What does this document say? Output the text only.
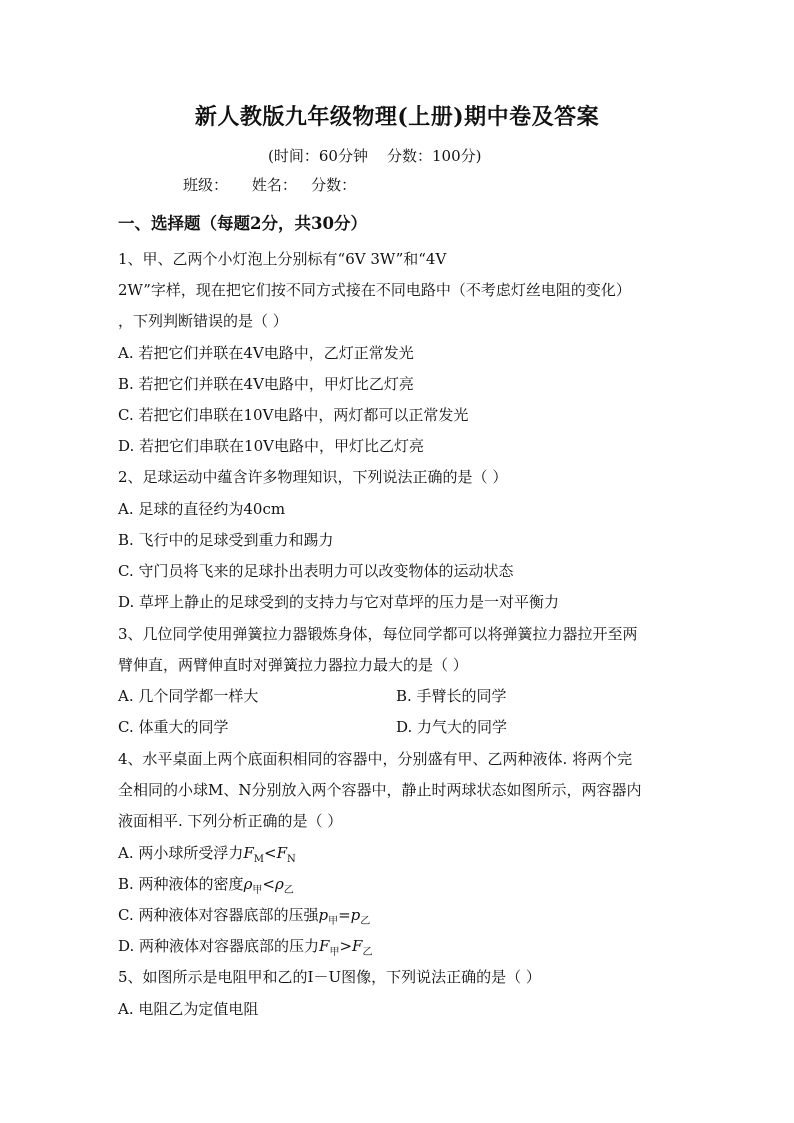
新人教版九年级物理(上册)期中卷及答案
(时间：60分钟    分数：100分)
班级：     姓名：   分数：
一、选择题（每题2分，共30分）
1、甲、乙两个小灯泡上分别标有“6V 3W”和“4V
2W”字样，现在把它们按不同方式接在不同电路中（不考虑灯丝电阻的变化）
，下列判断错误的是（ ）
A. 若把它们并联在4V电路中，乙灯正常发光
B. 若把它们并联在4V电路中，甲灯比乙灯亮
C. 若把它们串联在10V电路中，两灯都可以正常发光
D. 若把它们串联在10V电路中，甲灯比乙灯亮
2、足球运动中蕴含许多物理知识，下列说法正确的是（ ）
A. 足球的直径约为40cm
B. 飞行中的足球受到重力和踢力
C. 守门员将飞来的足球扑出表明力可以改变物体的运动状态
D. 草坪上静止的足球受到的支持力与它对草坪的压力是一对平衡力
3、几位同学使用弹簧拉力器锻炼身体，每位同学都可以将弹簧拉力器拉开至两
臂伸直，两臂伸直时对弹簧拉力器拉力最大的是（ ）
A. 几个同学都一样大	B. 手臂长的同学
C. 体重大的同学	D. 力气大的同学
4、水平桌面上两个底面积相同的容器中，分别盛有甲、乙两种液体. 将两个完
全相同的小球M、N分别放入两个容器中，静止时两球状态如图所示，两容器内
液面相平. 下列分析正确的是（ ）
A. 两小球所受浮力$F_M<F_N$
B. 两种液体的密度$\rho_甲<\rho_乙$
C. 两种液体对容器底部的压强$p_甲=p_乙$
D. 两种液体对容器底部的压力$F_甲>F_乙$
5、如图所示是电阻甲和乙的I－U图像，下列说法正确的是（ ）
A. 电阻乙为定值电阻
